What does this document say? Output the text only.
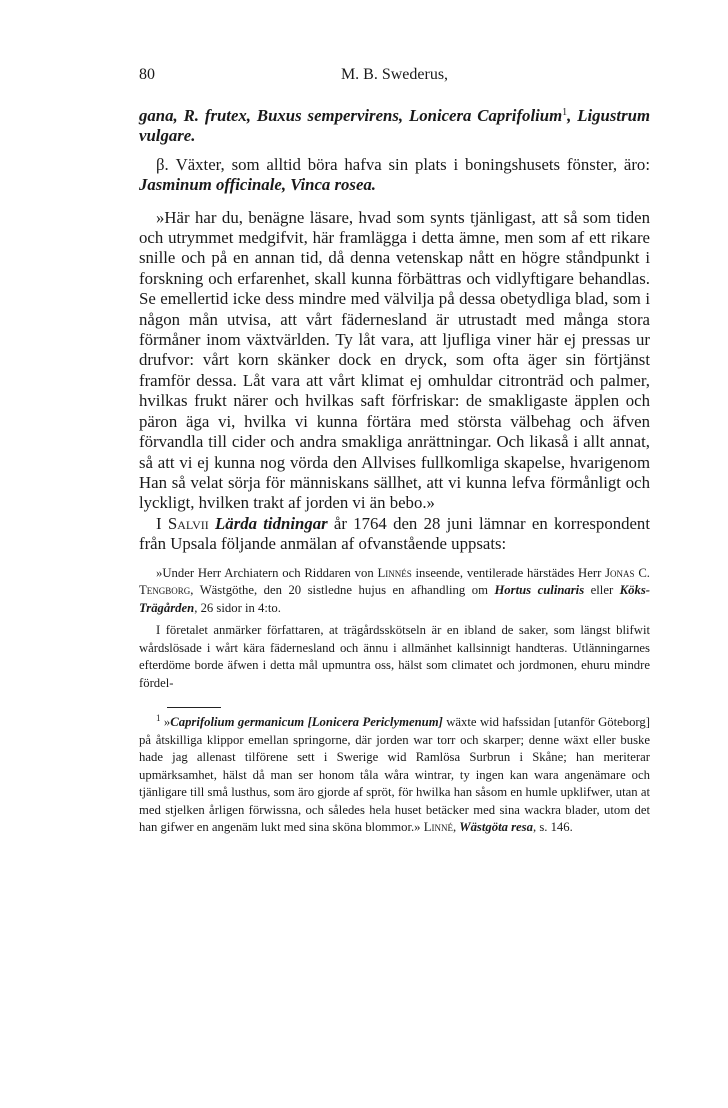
80	M. B. Swederus,

gana, R. frutex, Buxus sempervirens, Lonicera Caprifolium$^1$, Ligustrum vulgare.

β. Växter, som alltid böra hafva sin plats i boningshusets fönster, äro: Jasminum officinale, Vinca rosea.

»Här har du, benägne läsare, hvad som synts tjänligast, att så som tiden och utrymmet medgifvit, här framlägga i detta ämne, men som af ett rikare snille och på en annan tid, då denna vetenskap nått en högre ståndpunkt i forskning och erfarenhet, skall kunna förbättras och vidlyftigare behandlas. Se emellertid icke dess mindre med välvilja på dessa obetydliga blad, som i någon mån utvisa, att vårt fädernesland är utrustadt med många stora förmåner inom växtvärlden. Ty låt vara, att ljufliga viner här ej pressas ur drufvor: vårt korn skänker dock en dryck, som ofta äger sin förtjänst framför dessa. Låt vara att vårt klimat ej omhuldar citronträd och palmer, hvilkas frukt närer och hvilkas saft förfriskar: de smakligaste äpplen och päron äga vi, hvilka vi kunna förtära med största välbehag och äfven förvandla till cider och andra smakliga anrättningar. Och likaså i allt annat, så att vi ej kunna nog vörda den Allvises fullkomliga skapelse, hvarigenom Han så velat sörja för människans sällhet, att vi kunna lefva förmånligt och lyckligt, hvilken trakt af jorden vi än bebo.»

I Salvii Lärda tidningar år 1764 den 28 juni lämnar en korrespondent från Upsala följande anmälan af ofvanstående uppsats:

»Under Herr Archiatern och Riddaren von Linnés inseende, ventilerade härstädes Herr Jonas C. Tengborg, Wästgöthe, den 20 sistledne hujus en afhandling om Hortus culinaris eller Köks-Trägården, 26 sidor in 4:to.

I företalet anmärker författaren, at trägårdsskötseln är en ibland de saker, som längst blifwit wårdslösade i wårt kära fädernesland och ännu i allmänhet kallsinnigt handteras. Utlänningarnes efterdöme borde äfwen i detta mål upmuntra oss, hälst som climatet och jordmonen, ehuru mindre fördel-

$^1$ »Caprifolium germanicum [Lonicera Periclymenum] wäxte wid hafssidan [utanför Göteborg] på åtskilliga klippor emellan springorne, där jorden war torr och skarper; denne wäxt eller buske hade jag allenast tilförene sett i Swerige wid Ramlösa Surbrun i Skåne; han meriterar upmärksamhet, hälst då man ser honom tåla wåra wintrar, ty ingen kan wara angenämare och tjänligare till små lusthus, som äro gjorde af spröt, för hwilka han såsom en humle upklifwer, utan at med stjelken årligen förwissna, och således hela huset betäcker med sina wackra blader, utom det han gifwer en angenäm lukt med sina sköna blommor.» Linné, Wästgöta resa, s. 146.
